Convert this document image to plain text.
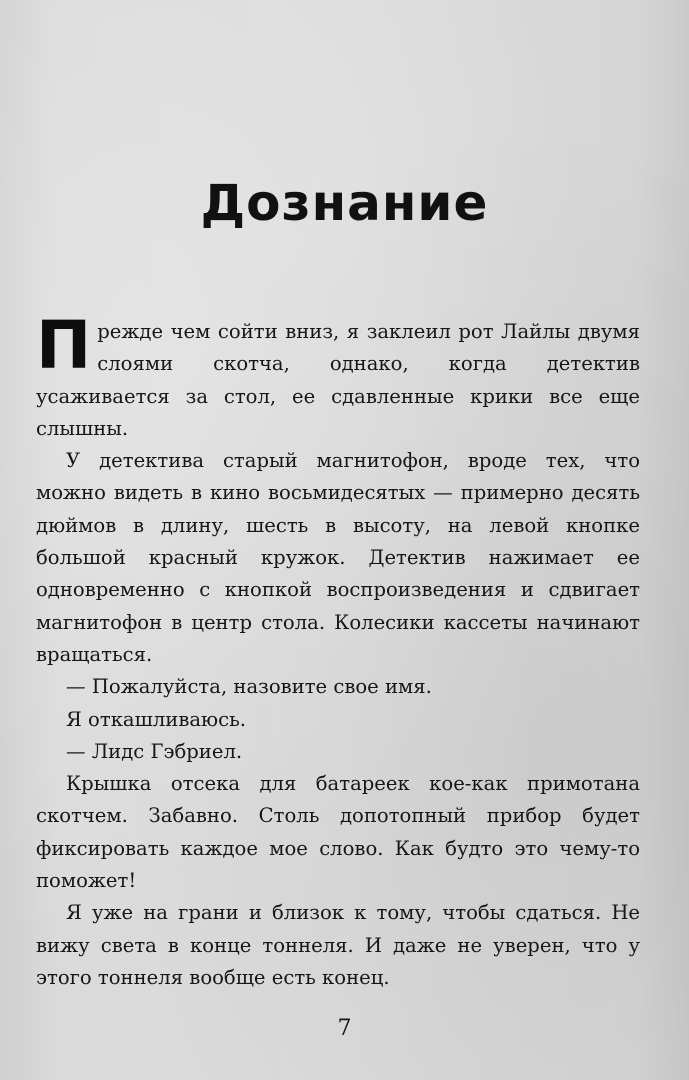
Дознание

Прежде чем сойти вниз, я заклеил рот Лайлы двумя слоями скотча, однако, когда детектив усаживается за стол, ее сдавленные крики все еще слышны.

У детектива старый магнитофон, вроде тех, что можно видеть в кино восьмидесятых — примерно десять дюймов в длину, шесть в высоту, на левой кнопке большой красный кружок. Детектив нажимает ее одновременно с кнопкой воспроизведения и сдвигает магнитофон в центр стола. Колесики кассеты начинают вращаться.

— Пожалуйста, назовите свое имя.

Я откашливаюсь.

— Лидс Гэбриел.

Крышка отсека для батареек кое-как примотана скотчем. Забавно. Столь допотопный прибор будет фиксировать каждое мое слово. Как будто это чему-то поможет!

Я уже на грани и близок к тому, чтобы сдаться. Не вижу света в конце тоннеля. И даже не уверен, что у этого тоннеля вообще есть конец.

7
